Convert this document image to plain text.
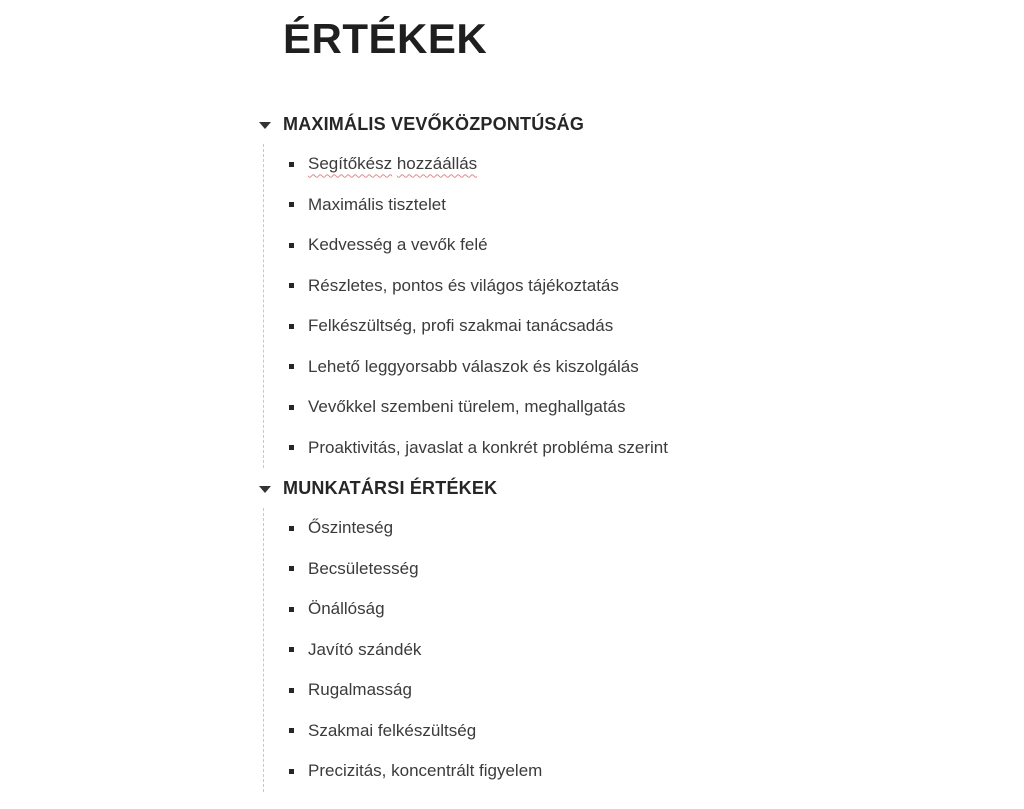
ÉRTÉKEK
MAXIMÁLIS VEVŐKÖZPONTÚSÁG
Segítőkész hozzáállás
Maximális tisztelet
Kedvesség a vevők felé
Részletes, pontos és világos tájékoztatás
Felkészültség, profi szakmai tanácsadás
Lehető leggyorsabb válaszok és kiszolgálás
Vevőkkel szembeni türelem, meghallgatás
Proaktivitás, javaslat a konkrét probléma szerint
MUNKATÁRSI ÉRTÉKEK
Őszinteség
Becsületesség
Önállóság
Javító szándék
Rugalmasság
Szakmai felkészültség
Precizitás, koncentrált figyelem
